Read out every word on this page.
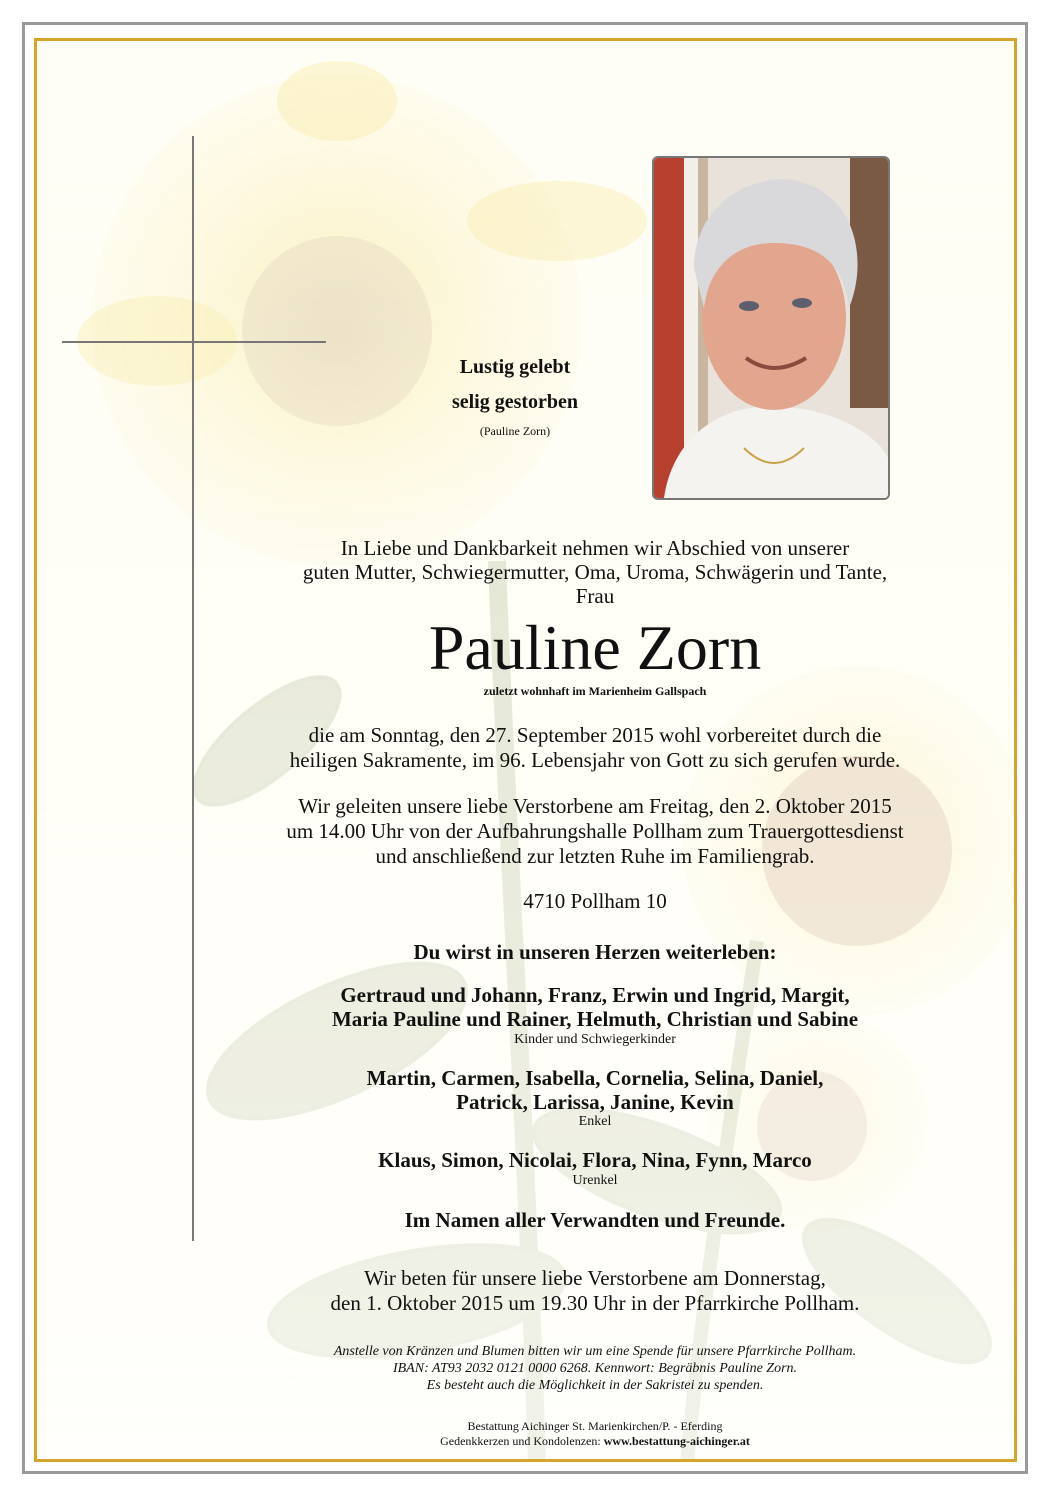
Lustig gelebt
selig gestorben
(Pauline Zorn)
In Liebe und Dankbarkeit nehmen wir Abschied von unserer
guten Mutter, Schwiegermutter, Oma, Uroma, Schwägerin und Tante,
Frau
Pauline Zorn
zuletzt wohnhaft im Marienheim Gallspach
die am Sonntag, den 27. September 2015 wohl vorbereitet durch die
heiligen Sakramente, im 96. Lebensjahr von Gott zu sich gerufen wurde.
Wir geleiten unsere liebe Verstorbene am Freitag, den 2. Oktober 2015
um 14.00 Uhr von der Aufbahrungshalle Pollham zum Trauergottesdienst
und anschließend zur letzten Ruhe im Familiengrab.
4710 Pollham 10
Du wirst in unseren Herzen weiterleben:
Gertraud und Johann, Franz, Erwin und Ingrid, Margit,
Maria Pauline und Rainer, Helmuth, Christian und Sabine
Kinder und Schwiegerkinder
Martin, Carmen, Isabella, Cornelia, Selina, Daniel,
Patrick, Larissa, Janine, Kevin
Enkel
Klaus, Simon, Nicolai, Flora, Nina, Fynn, Marco
Urenkel
Im Namen aller Verwandten und Freunde.
Wir beten für unsere liebe Verstorbene am Donnerstag,
den 1. Oktober 2015 um 19.30 Uhr in der Pfarrkirche Pollham.
Anstelle von Kränzen und Blumen bitten wir um eine Spende für unsere Pfarrkirche Pollham.
IBAN: AT93 2032 0121 0000 6268. Kennwort: Begräbnis Pauline Zorn.
Es besteht auch die Möglichkeit in der Sakristei zu spenden.
Bestattung Aichinger St. Marienkirchen/P. - Eferding
Gedenkkerzen und Kondolenzen: www.bestattung-aichinger.at
